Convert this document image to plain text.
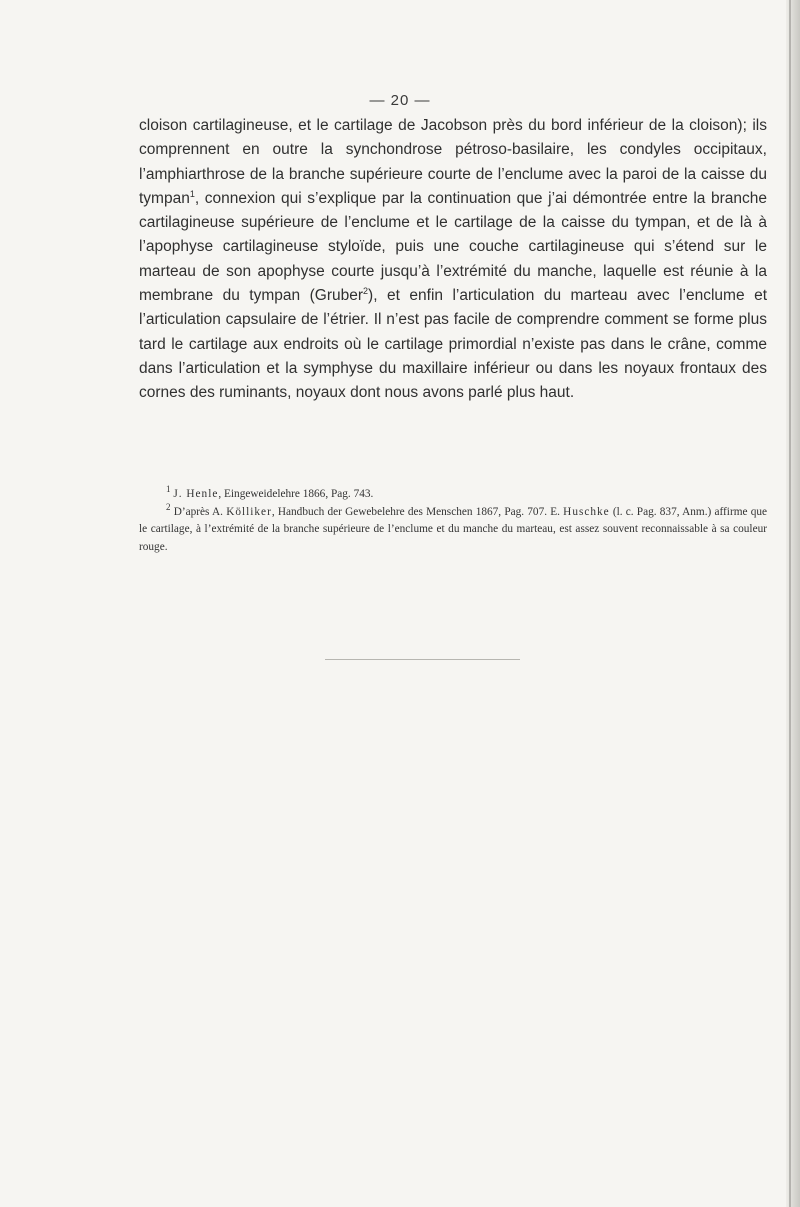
— 20 —

cloison cartilagineuse, et le cartilage de Jacobson près du bord inférieur de la cloison); ils comprennent en outre la synchondrose pétroso-basilaire, les condyles occipitaux, l’amphiarthrose de la branche supérieure courte de l’enclume avec la paroi de la caisse du tympan$^1$, connexion qui s’explique par la continuation que j’ai démontrée entre la branche cartilagineuse supérieure de l’enclume et le cartilage de la caisse du tympan, et de là à l’apophyse cartilagineuse styloïde, puis une couche cartilagineuse qui s’étend sur le marteau de son apophyse courte jusqu’à l’extrémité du manche, laquelle est réunie à la membrane du tympan (Gruber$^2$), et enfin l’articulation du marteau avec l’enclume et l’articulation capsulaire de l’étrier. Il n’est pas facile de comprendre comment se forme plus tard le cartilage aux endroits où le cartilage primordial n’existe pas dans le crâne, comme dans l’articulation et la symphyse du maxillaire inférieur ou dans les noyaux frontaux des cornes des ruminants, noyaux dont nous avons parlé plus haut.

$^1$ J. Henle, Eingeweidelehre 1866, Pag. 743.

$^2$ D’après A. Kölliker, Handbuch der Gewebelehre des Menschen 1867, Pag. 707. E. Huschke (l. c. Pag. 837, Anm.) affirme que le cartilage, à l’extrémité de la branche supérieure de l’enclume et du manche du marteau, est assez souvent reconnaissable à sa couleur rouge.
